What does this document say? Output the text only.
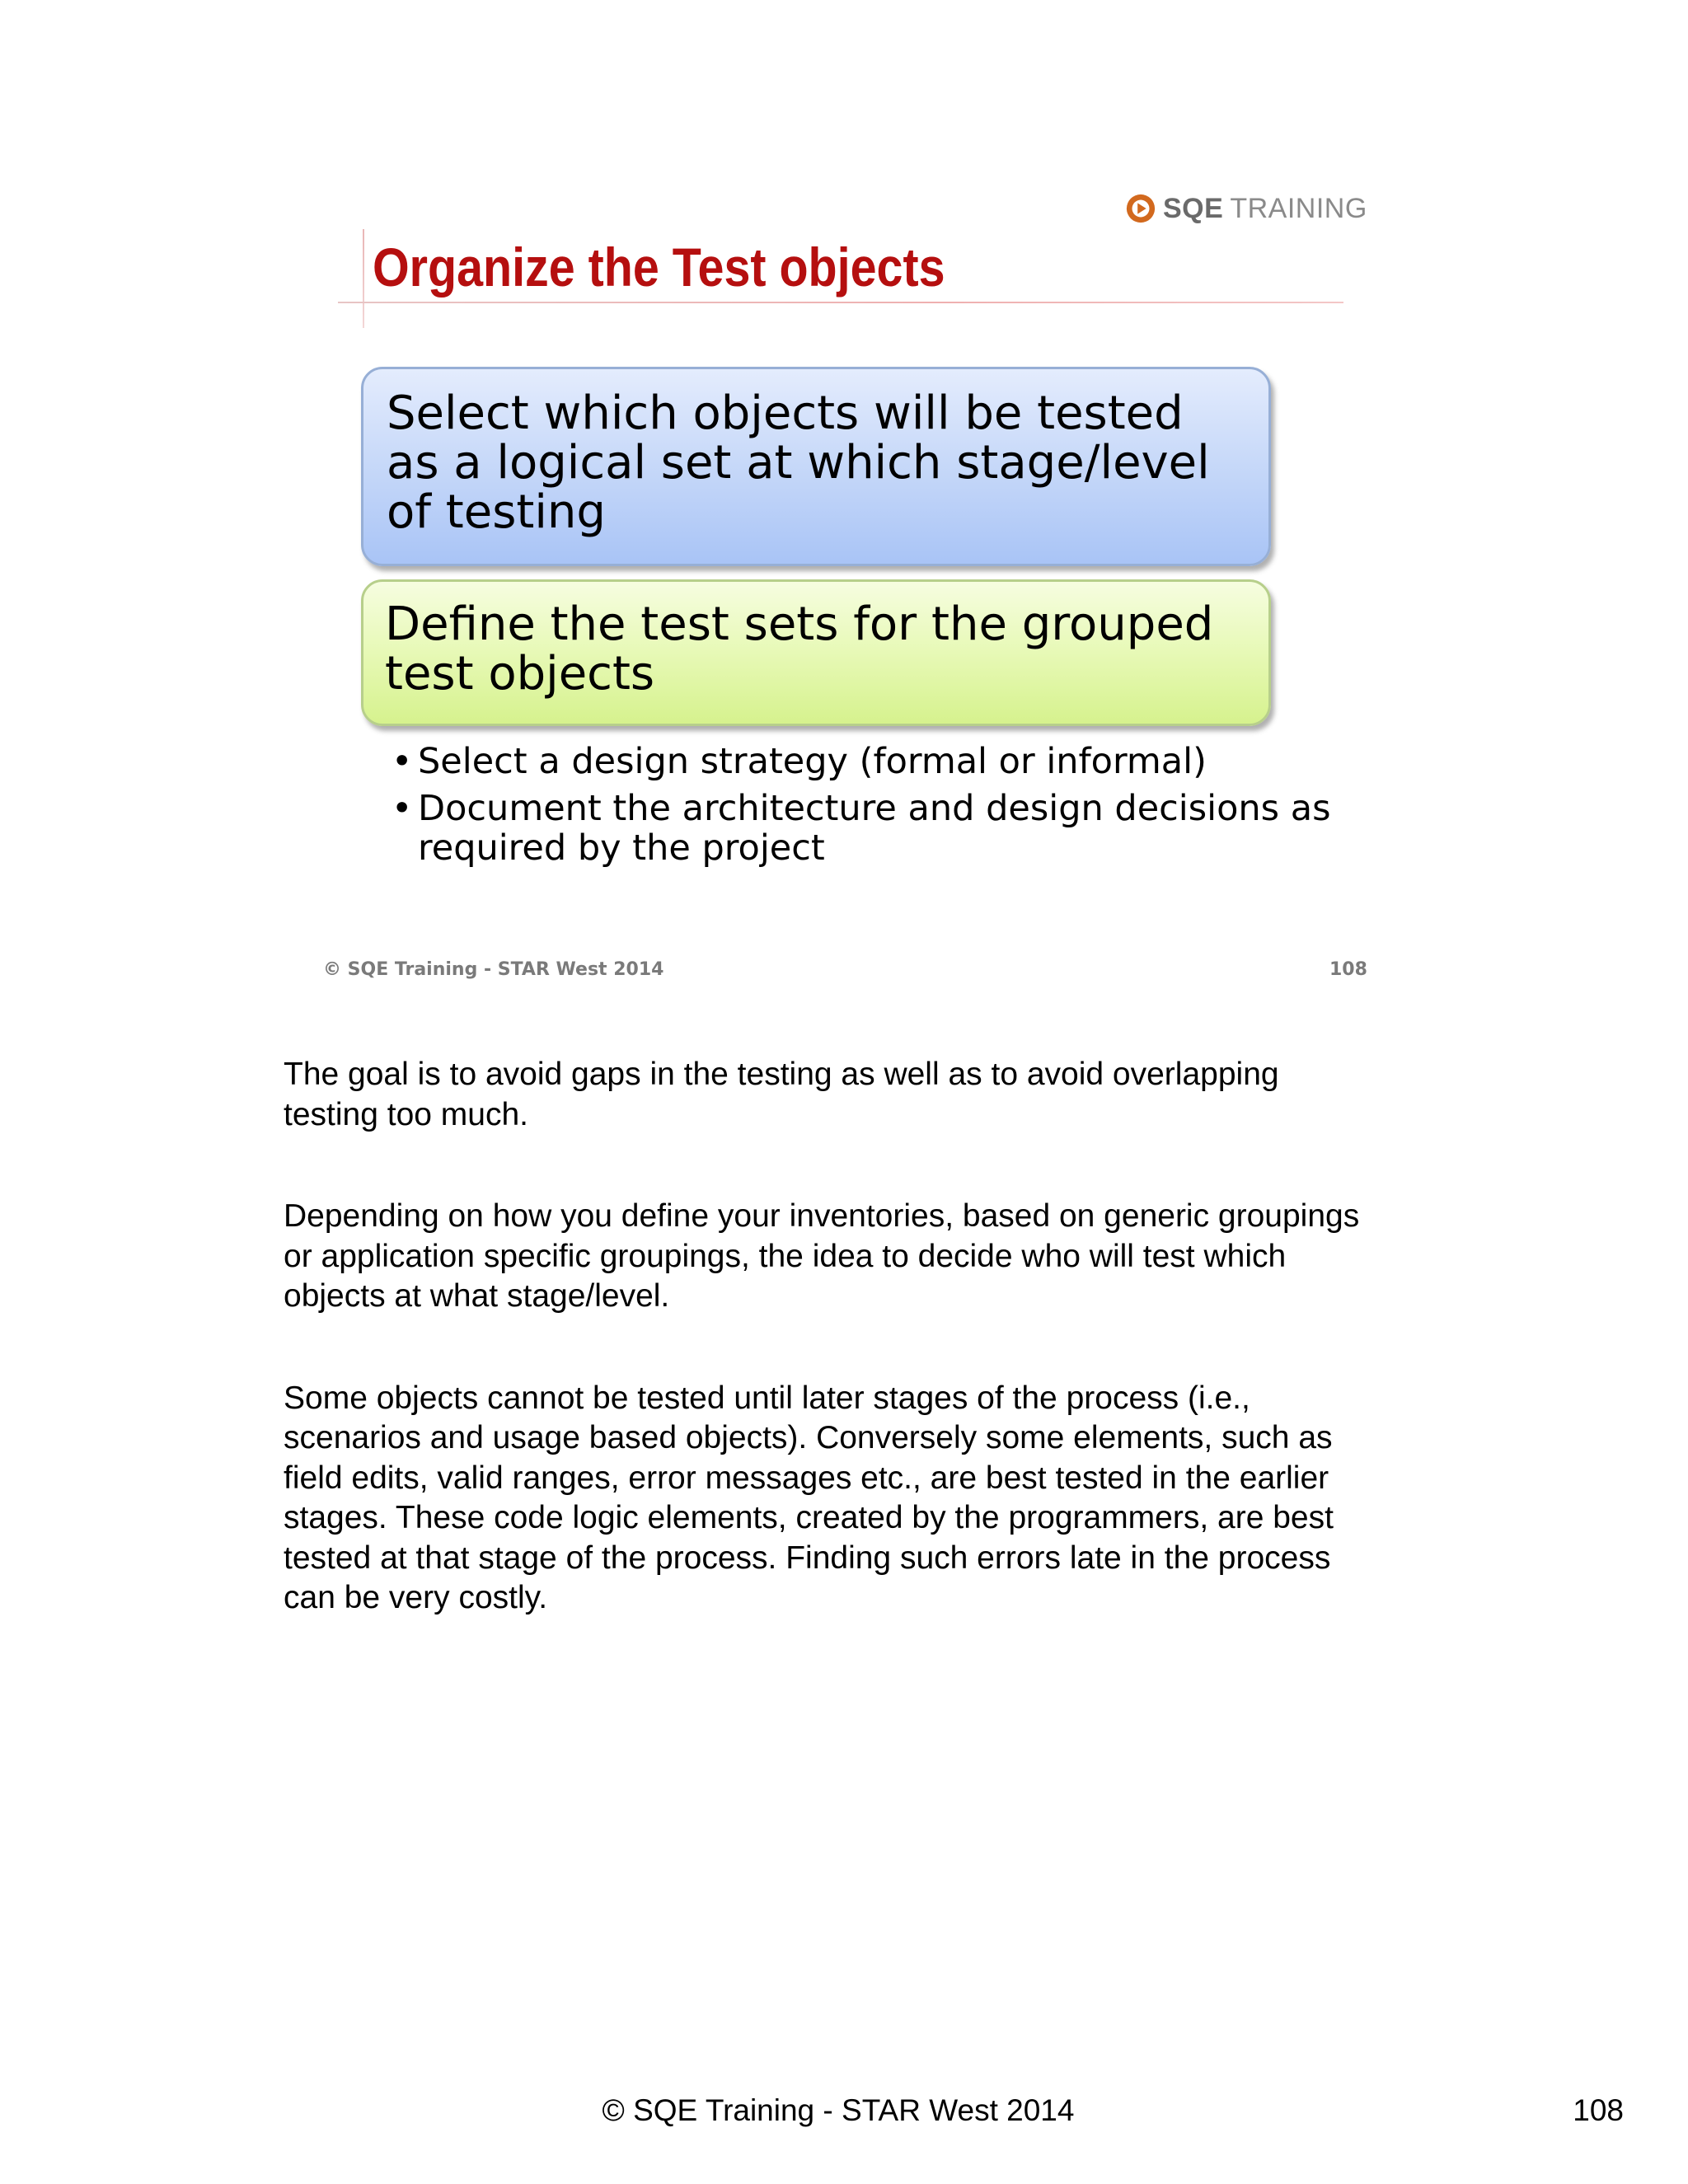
SQE TRAINING
Organize the Test objects
Select which objects will be tested as a logical set at which stage/level of testing
Define the test sets for the grouped test objects
• Select a design strategy (formal or informal)
• Document the architecture and design decisions as required by the project
© SQE Training - STAR West 2014	108

The goal is to avoid gaps in the testing as well as to avoid overlapping
testing too much.

Depending on how you define your inventories, based on generic groupings
or application specific groupings, the idea to decide who will test which
objects at what stage/level.

Some objects cannot be tested until later stages of the process (i.e.,
scenarios and usage based objects). Conversely some elements, such as
field edits, valid ranges, error messages etc., are best tested in the earlier
stages. These code logic elements, created by the programmers, are best
tested at that stage of the process. Finding such errors late in the process
can be very costly.

© SQE Training - STAR West 2014	108
